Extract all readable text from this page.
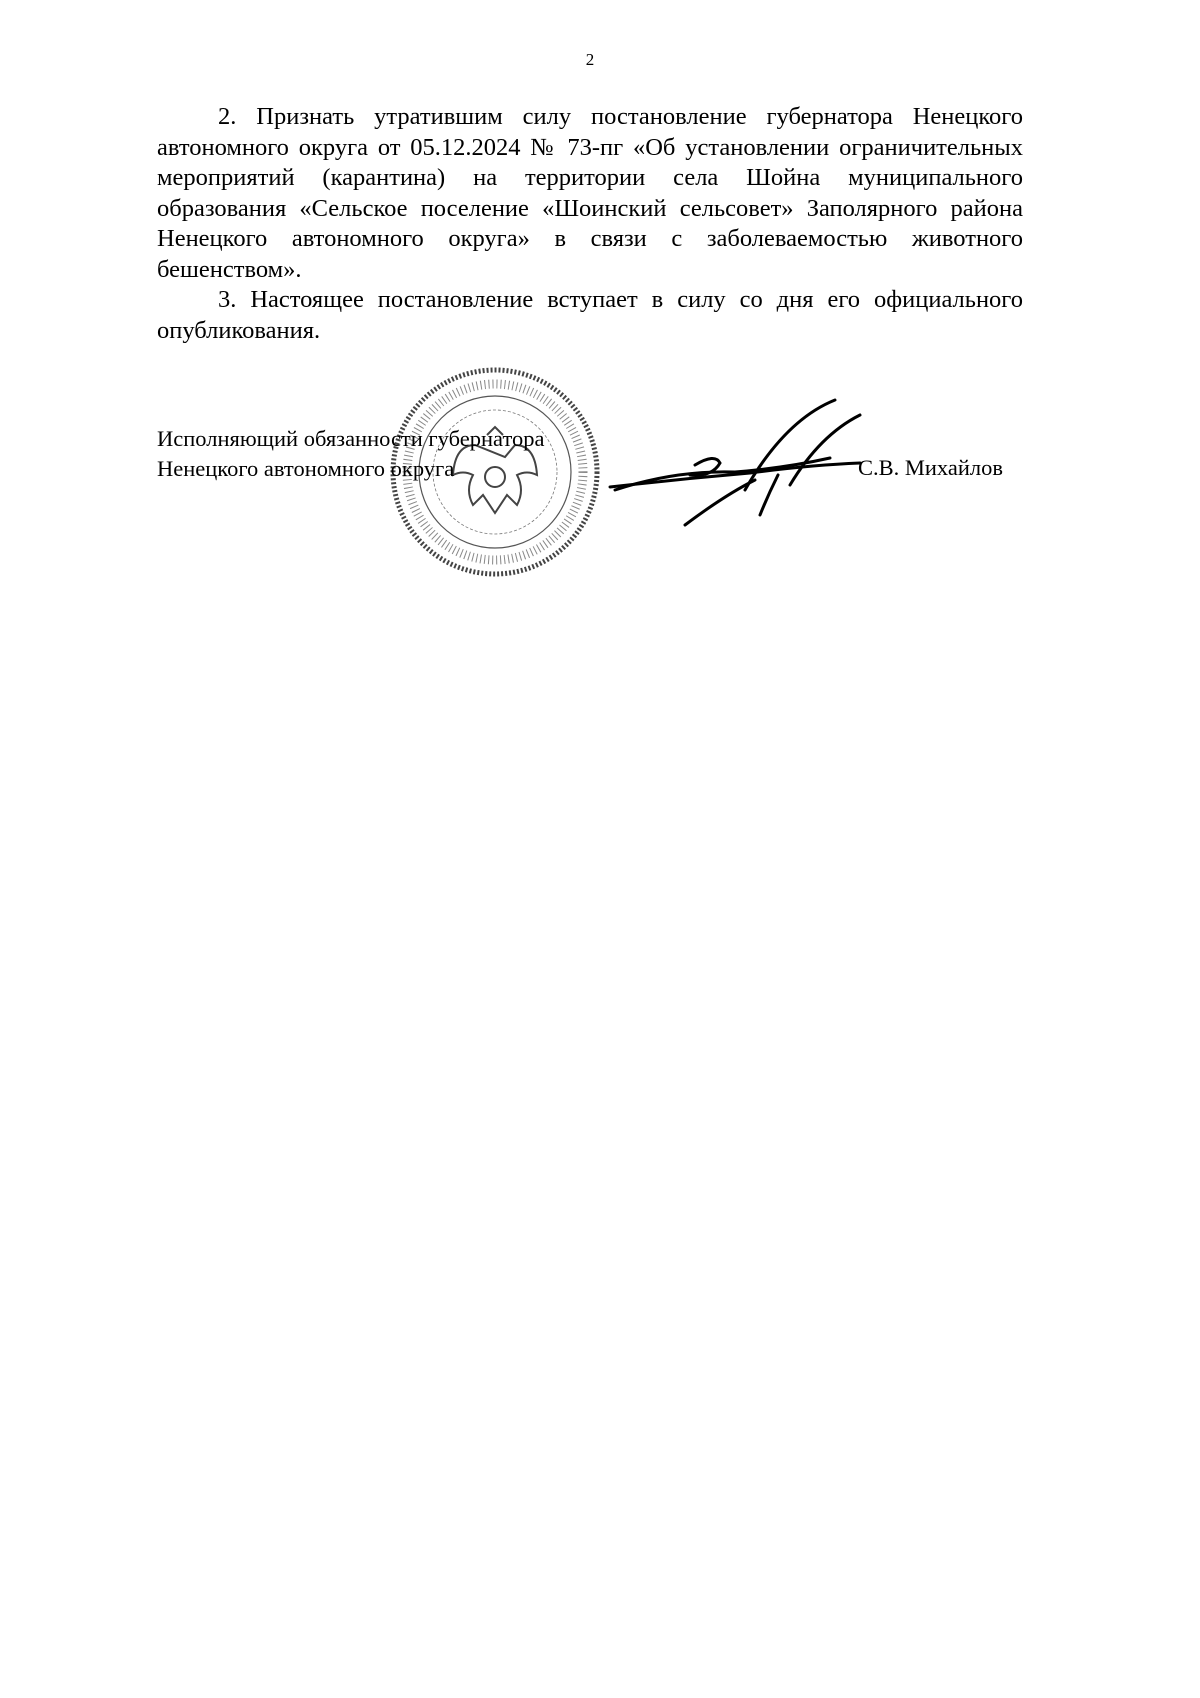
2

2. Признать утратившим силу постановление губернатора Ненецкого автономного округа от 05.12.2024 № 73-пг «Об установлении ограничительных мероприятий (карантина) на территории села Шойна муниципального образования «Сельское поселение «Шоинский сельсовет» Заполярного района Ненецкого автономного округа» в связи с заболеваемостью животного бешенством».

3. Настоящее постановление вступает в силу со дня его официального опубликования.

Исполняющий обязанности губернатора
Ненецкого автономного округа	С.В. Михайлов
